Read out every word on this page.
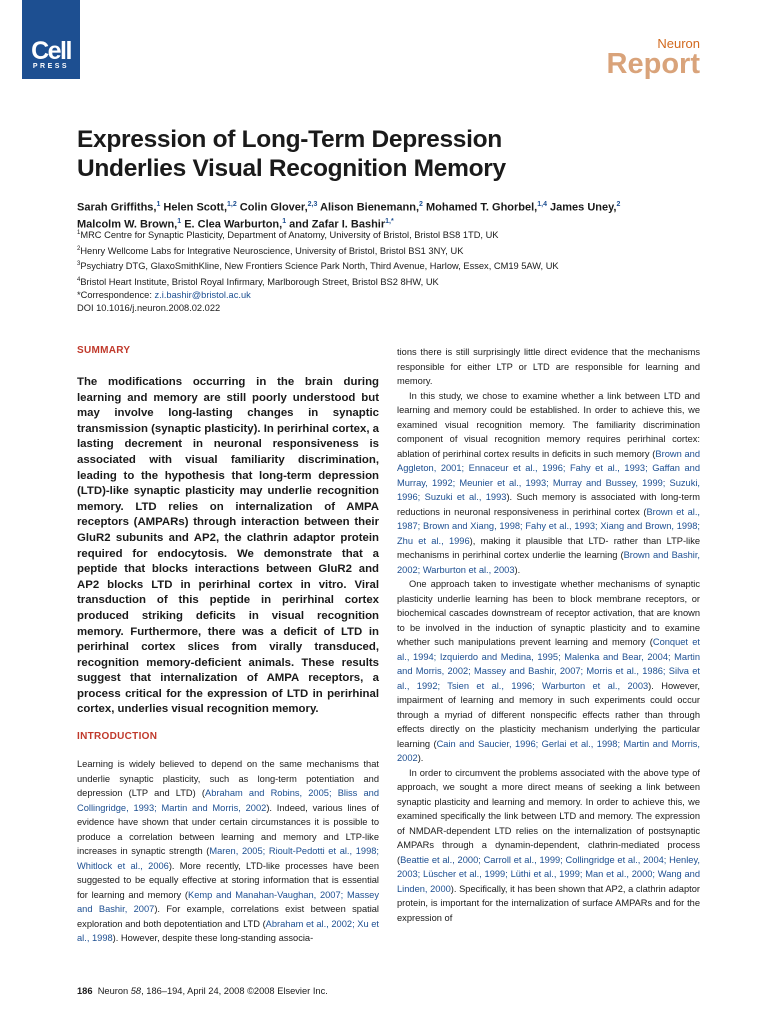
Cell
PRESS
Neuron
Report
Expression of Long-Term Depression
Underlies Visual Recognition Memory
Sarah Griffiths,$^1$ Helen Scott,$^{1,2}$ Colin Glover,$^{2,3}$ Alison Bienemann,$^2$ Mohamed T. Ghorbel,$^{1,4}$ James Uney,$^2$
Malcolm W. Brown,$^1$ E. Clea Warburton,$^1$ and Zafar I. Bashir$^{1,*}$
$^1$MRC Centre for Synaptic Plasticity, Department of Anatomy, University of Bristol, Bristol BS8 1TD, UK
$^2$Henry Wellcome Labs for Integrative Neuroscience, University of Bristol, Bristol BS1 3NY, UK
$^3$Psychiatry DTG, GlaxoSmithKline, New Frontiers Science Park North, Third Avenue, Harlow, Essex, CM19 5AW, UK
$^4$Bristol Heart Institute, Bristol Royal Infirmary, Marlborough Street, Bristol BS2 8HW, UK
*Correspondence: z.i.bashir@bristol.ac.uk
DOI 10.1016/j.neuron.2008.02.022
SUMMARY
The modifications occurring in the brain during learning and memory are still poorly understood but may involve long-lasting changes in synaptic transmission (synaptic plasticity). In perirhinal cortex, a lasting decrement in neuronal responsiveness is associated with visual familiarity discrimination, leading to the hypothesis that long-term depression (LTD)-like synaptic plasticity may underlie recognition memory. LTD relies on internalization of AMPA receptors (AMPARs) through interaction between their GluR2 subunits and AP2, the clathrin adaptor protein required for endocytosis. We demonstrate that a peptide that blocks interactions between GluR2 and AP2 blocks LTD in perirhinal cortex in vitro. Viral transduction of this peptide in perirhinal cortex produced striking deficits in visual recognition memory. Furthermore, there was a deficit of LTD in perirhinal cortex slices from virally transduced, recognition memory-deficient animals. These results suggest that internalization of AMPA receptors, a process critical for the expression of LTD in perirhinal cortex, underlies visual recognition memory.
INTRODUCTION

Learning is widely believed to depend on the same mechanisms that underlie synaptic plasticity, such as long-term potentiation and depression (LTP and LTD) (Abraham and Robins, 2005; Bliss and Collingridge, 1993; Martin and Morris, 2002). Indeed, various lines of evidence have shown that under certain circumstances it is possible to produce a correlation between learning and memory and LTP-like increases in synaptic strength (Maren, 2005; Rioult-Pedotti et al., 1998; Whitlock et al., 2006). More recently, LTD-like processes have been suggested to be equally effective at storing information that is essential for learning and memory (Kemp and Manahan-Vaughan, 2007; Massey and Bashir, 2007). For example, correlations exist between spatial exploration and both depotentiation and LTD (Abraham et al., 2002; Xu et al., 1998). However, despite these long-standing associa-

tions there is still surprisingly little direct evidence that the mechanisms responsible for either LTP or LTD are responsible for learning and memory.

In this study, we chose to examine whether a link between LTD and learning and memory could be established. In order to achieve this, we examined visual recognition memory. The familiarity discrimination component of visual recognition memory requires perirhinal cortex: ablation of perirhinal cortex results in deficits in such memory (Brown and Aggleton, 2001; Ennaceur et al., 1996; Fahy et al., 1993; Gaffan and Murray, 1992; Meunier et al., 1993; Murray and Bussey, 1999; Suzuki, 1996; Suzuki et al., 1993). Such memory is associated with long-term reductions in neuronal responsiveness in perirhinal cortex (Brown et al., 1987; Brown and Xiang, 1998; Fahy et al., 1993; Xiang and Brown, 1998; Zhu et al., 1996), making it plausible that LTD- rather than LTP-like mechanisms in perirhinal cortex underlie the learning (Brown and Bashir, 2002; Warburton et al., 2003).

One approach taken to investigate whether mechanisms of synaptic plasticity underlie learning has been to block membrane receptors, or biochemical cascades downstream of receptor activation, that are known to be involved in the induction of synaptic plasticity and to examine whether such manipulations prevent learning and memory (Conquet et al., 1994; Izquierdo and Medina, 1995; Malenka and Bear, 2004; Martin and Morris, 2002; Massey and Bashir, 2007; Morris et al., 1986; Silva et al., 1992; Tsien et al., 1996; Warburton et al., 2003). However, impairment of learning and memory in such experiments could occur through a myriad of different nonspecific effects rather than through effects directly on the plasticity mechanism underlying the particular learning (Cain and Saucier, 1996; Gerlai et al., 1998; Martin and Morris, 2002).

In order to circumvent the problems associated with the above type of approach, we sought a more direct means of seeking a link between synaptic plasticity and learning and memory. In order to achieve this, we examined specifically the link between LTD and memory. The expression of NMDAR-dependent LTD relies on the internalization of postsynaptic AMPARs through a dynamin-dependent, clathrin-mediated process (Beattie et al., 2000; Carroll et al., 1999; Collingridge et al., 2004; Henley, 2003; Lüscher et al., 1999; Lüthi et al., 1999; Man et al., 2000; Wang and Linden, 2000). Specifically, it has been shown that AP2, a clathrin adaptor protein, is important for the internalization of surface AMPARs and for the expression of

186 Neuron 58, 186–194, April 24, 2008 ©2008 Elsevier Inc.
